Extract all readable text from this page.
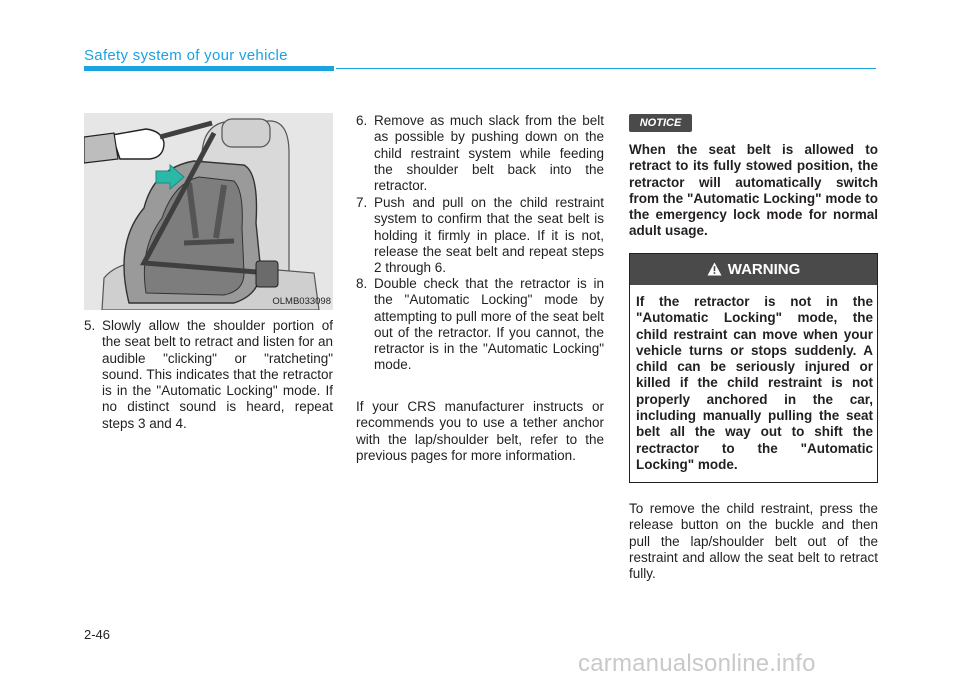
Safety system of your vehicle
OLMB033098
5. Slowly allow the shoulder portion of the seat belt to retract and listen for an audible "clicking" or "ratcheting" sound. This indicates that the retractor is in the "Automatic Locking" mode. If no distinct sound is heard, repeat steps 3 and 4.
6. Remove as much slack from the belt as possible by pushing down on the child restraint system while feeding the shoulder belt back into the retractor.
7. Push and pull on the child restraint system to confirm that the seat belt is holding it firmly in place. If it is not, release the seat belt and repeat steps 2 through 6.
8. Double check that the retractor is in the "Automatic Locking" mode by attempting to pull more of the seat belt out of the retractor. If you cannot, the retractor is in the "Automatic Locking" mode.
If your CRS manufacturer instructs or recommends you to use a tether anchor with the lap/shoulder belt, refer to the previous pages for more information.
NOTICE
When the seat belt is allowed to retract to its fully stowed position, the retractor will automatically switch from the "Automatic Locking" mode to the emergency lock mode for normal adult usage.
WARNING
If the retractor is not in the "Automatic Locking" mode, the child restraint can move when your vehicle turns or stops suddenly. A child can be seriously injured or killed if the child restraint is not properly anchored in the car, including manually pulling the seat belt all the way out to shift the rectractor to the "Automatic Locking" mode.
To remove the child restraint, press the release button on the buckle and then pull the lap/shoulder belt out of the restraint and allow the seat belt to retract fully.
2-46
carmanualsonline.info
